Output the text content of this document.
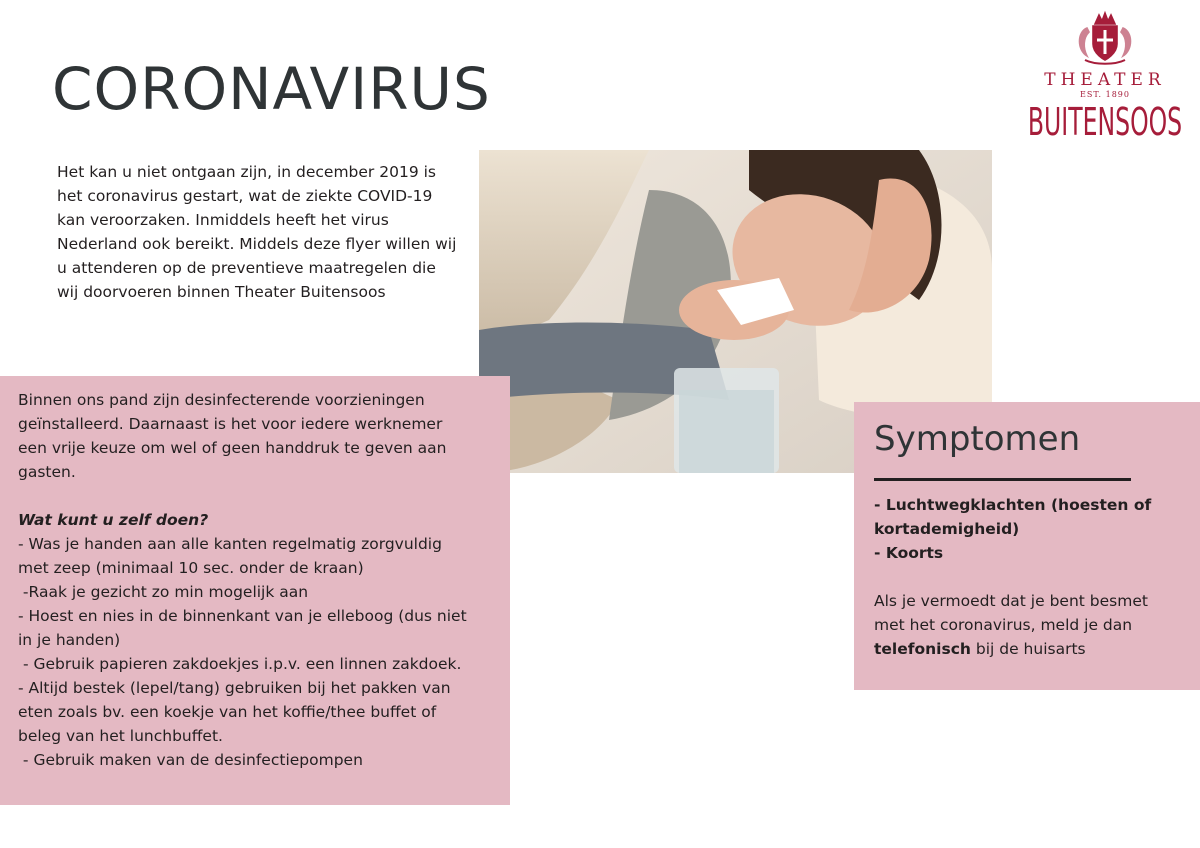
CORONAVIRUS

Het kan u niet ontgaan zijn, in december 2019 is het coronavirus gestart, wat de ziekte COVID-19 kan veroorzaken. Inmiddels heeft het virus Nederland ook bereikt. Middels deze flyer willen wij u attenderen op de preventieve maatregelen die wij doorvoeren binnen Theater Buitensoos

THEATER
EST. 1890
BUITENSOOS

Binnen ons pand zijn desinfecterende voorzieningen geïnstalleerd. Daarnaast is het voor iedere werknemer een vrije keuze om wel of geen handdruk te geven aan gasten.

Wat kunt u zelf doen?

- Was je handen aan alle kanten regelmatig zorgvuldig met zeep (minimaal 10 sec. onder de kraan)

-Raak je gezicht zo min mogelijk aan

- Hoest en nies in de binnenkant van je elleboog (dus niet in je handen)

- Gebruik papieren zakdoekjes i.p.v. een linnen zakdoek.

- Altijd bestek (lepel/tang) gebruiken bij het pakken van eten zoals bv. een koekje van het koffie/thee buffet of beleg van het lunchbuffet.

- Gebruik maken van de desinfectiepompen

Symptomen

- Luchtwegklachten (hoesten of kortademigheid)

- Koorts

Als je vermoedt dat je bent besmet met het coronavirus, meld je dan telefonisch bij de huisarts
